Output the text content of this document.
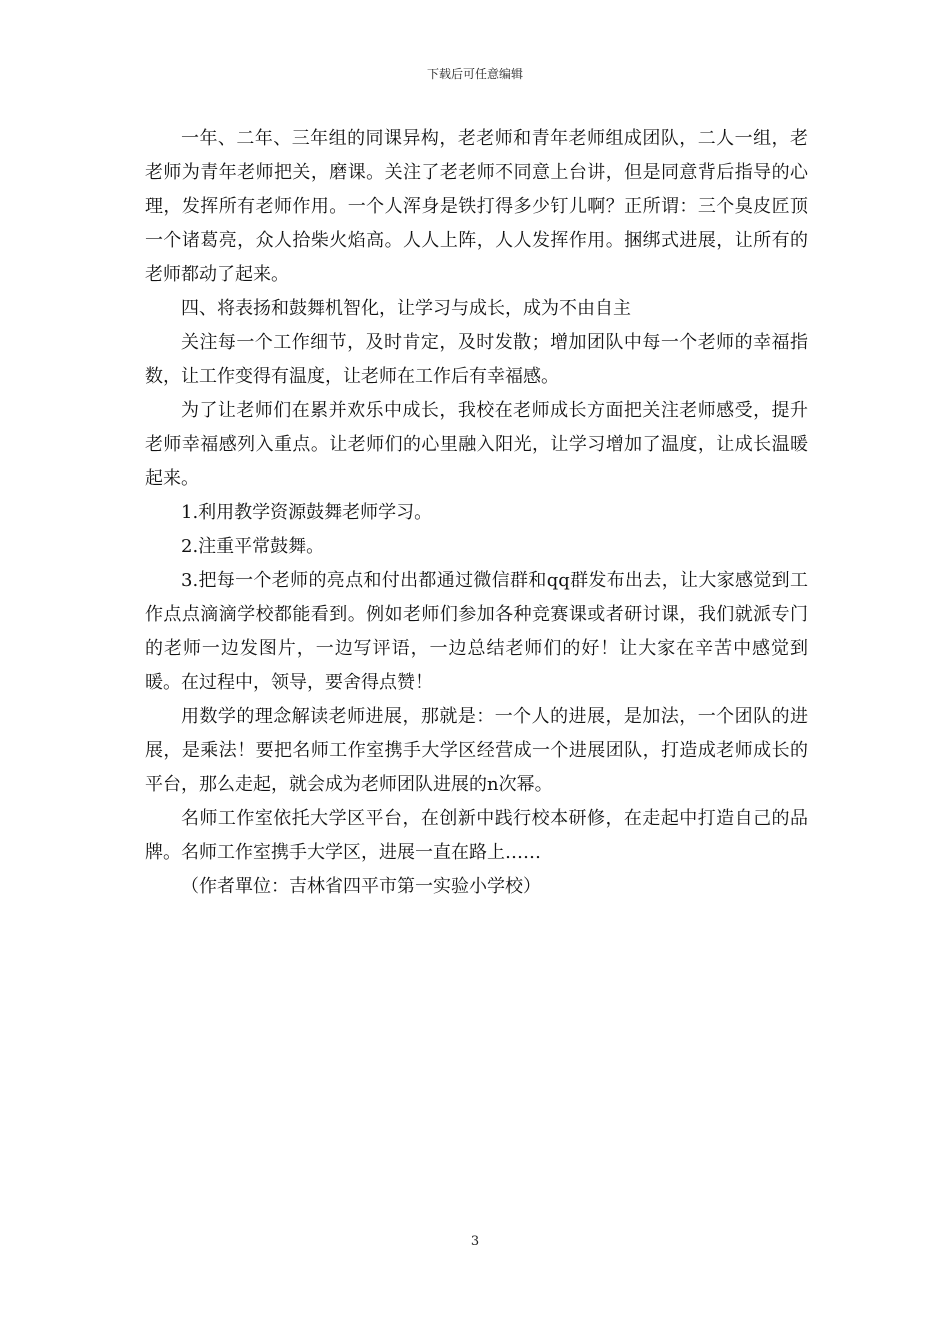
下载后可任意编辑

一年、二年、三年组的同课异构，老老师和青年老师组成团队，二人一组，老老师为青年老师把关，磨课。关注了老老师不同意上台讲，但是同意背后指导的心理，发挥所有老师作用。一个人浑身是铁打得多少钉儿啊？正所谓：三个臭皮匠顶一个诸葛亮，众人拾柴火焰高。人人上阵，人人发挥作用。捆绑式进展，让所有的老师都动了起来。

四、将表扬和鼓舞机智化，让学习与成长，成为不由自主

关注每一个工作细节，及时肯定，及时发散；增加团队中每一个老师的幸福指数，让工作变得有温度，让老师在工作后有幸福感。

为了让老师们在累并欢乐中成长，我校在老师成长方面把关注老师感受，提升老师幸福感列入重点。让老师们的心里融入阳光，让学习增加了温度，让成长温暖起来。

1.利用教学资源鼓舞老师学习。

2.注重平常鼓舞。

3.把每一个老师的亮点和付出都通过微信群和qq群发布出去，让大家感觉到工作点点滴滴学校都能看到。例如老师们参加各种竞赛课或者研讨课，我们就派专门的老师一边发图片，一边写评语，一边总结老师们的好！让大家在辛苦中感觉到暖。在过程中，领导，要舍得点赞！

用数学的理念解读老师进展，那就是：一个人的进展，是加法，一个团队的进展，是乘法！要把名师工作室携手大学区经营成一个进展团队，打造成老师成长的平台，那么走起，就会成为老师团队进展的n次幂。

名师工作室依托大学区平台，在创新中践行校本研修，在走起中打造自己的品牌。名师工作室携手大学区，进展一直在路上……

（作者單位：吉林省四平市第一实验小学校）

3
